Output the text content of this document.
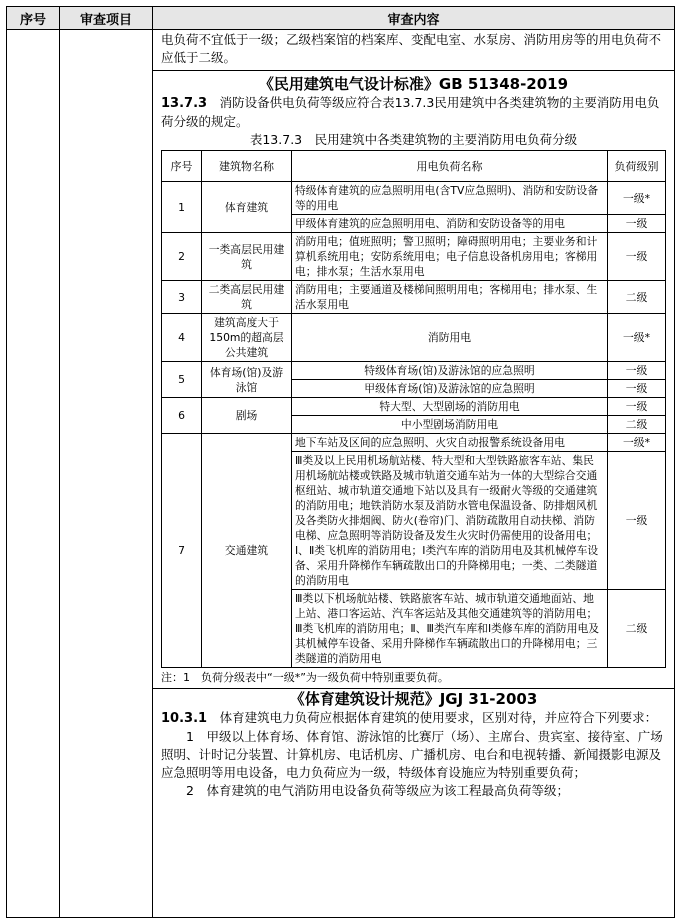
序号	审查项目	审查内容

电负荷不宜低于一级；乙级档案馆的档案库、变配电室、水泵房、消防用房等的用电负荷不应低于二级。

《民用建筑电气设计标准》GB 51348-2019

13.7.3　 消防设备供电负荷等级应符合表13.7.3民用建筑中各类建筑物的主要消防用电负荷分级的规定。

表13.7.3　民用建筑中各类建筑物的主要消防用电负荷分级

序号	建筑物名称	用电负荷名称	负荷级别
1	体育建筑	特级体育建筑的应急照明用电(含TV应急照明)、消防和安防设备等的用电	一级*
甲级体育建筑的应急照明用电、消防和安防设备等的用电	一级
2	一类高层民用建筑	消防用电；值班照明；警卫照明；障碍照明用电；主要业务和计算机系统用电；安防系统用电；电子信息设备机房用电；客梯用电；排水泵；生活水泵用电	一级
3	二类高层民用建筑	消防用电；主要通道及楼梯间照明用电；客梯用电；排水泵、生活水泵用电	二级
4	建筑高度大于150m的超高层公共建筑	消防用电	一级*
5	体育场(馆)及游泳馆	特级体育场(馆)及游泳馆的应急照明	一级
甲级体育场(馆)及游泳馆的应急照明	一级
6	剧场	特大型、大型剧场的消防用电	一级
中小型剧场消防用电	二级
7	交通建筑	地下车站及区间的应急照明、火灾自动报警系统设备用电	一级*
Ⅲ类及以上民用机场航站楼、特大型和大型铁路旅客车站、集民用机场航站楼或铁路及城市轨道交通车站为一体的大型综合交通枢纽站、城市轨道交通地下站以及具有一级耐火等级的交通建筑的消防用电；地铁消防水泵及消防水管电保温设备、防排烟风机及各类防火排烟阀、防火(卷帘)门、消防疏散用自动扶梯、消防电梯、应急照明等消防设备及发生火灾时仍需使用的设备用电；Ⅰ、Ⅱ类飞机库的消防用电；Ⅰ类汽车库的消防用电及其机械停车设备、采用升降梯作车辆疏散出口的升降梯用电；一类、二类隧道的消防用电	一级
Ⅲ类以下机场航站楼、铁路旅客车站、城市轨道交通地面站、地上站、港口客运站、汽车客运站及其他交通建筑等的消防用电；Ⅲ类飞机库的消防用电；Ⅱ、Ⅲ类汽车库和Ⅰ类修车库的消防用电及其机械停车设备、采用升降梯作车辆疏散出口的升降梯用电；三类隧道的消防用电	二级

注：1　负荷分级表中“一级*”为一级负荷中特别重要负荷。

《体育建筑设计规范》JGJ 31-2003

10.3.1　 体育建筑电力负荷应根据体育建筑的使用要求，区别对待，并应符合下列要求：

1　甲级以上体育场、体育馆、游泳馆的比赛厅（场）、主席台、贵宾室、接待室、广场照明、计时记分装置、计算机房、电话机房、广播机房、电台和电视转播、新闻摄影电源及应急照明等用电设备，电力负荷应为一级，特级体育设施应为特别重要负荷；

2　体育建筑的电气消防用电设备负荷等级应为该工程最高负荷等级；
